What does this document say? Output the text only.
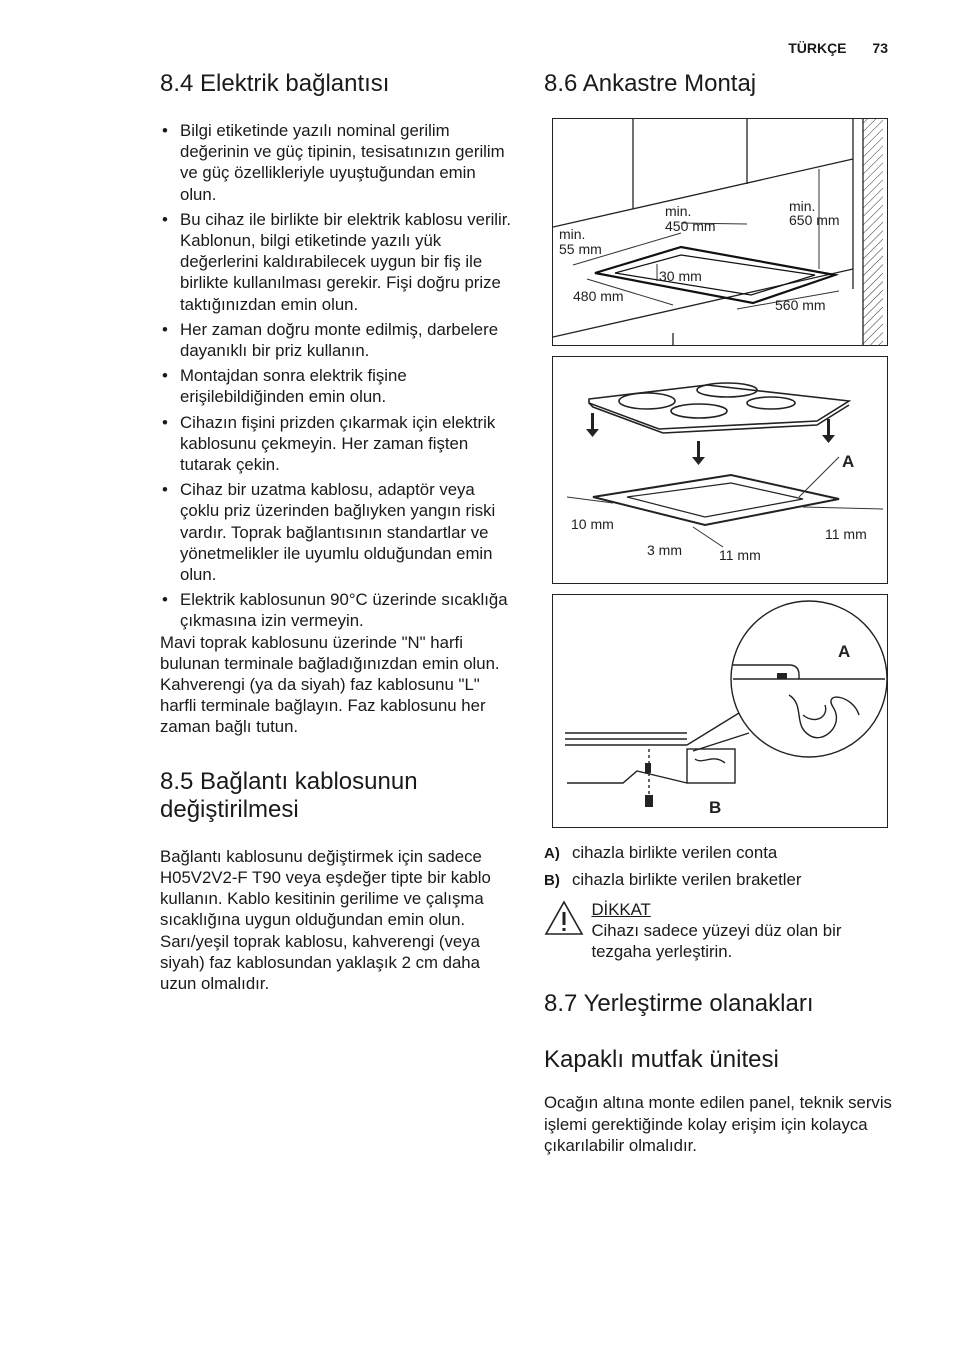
TÜRKÇE 73
8.4 Elektrik bağlantısı
• Bilgi etiketinde yazılı nominal gerilim değerinin ve güç tipinin, tesisatınızın gerilim ve güç özellikleriyle uyuştuğundan emin olun.
• Bu cihaz ile birlikte bir elektrik kablosu verilir. Kablonun, bilgi etiketinde yazılı yük değerlerini kaldırabilecek uygun bir fiş ile birlikte kullanılması gerekir. Fişi doğru prize taktığınızdan emin olun.
• Her zaman doğru monte edilmiş, darbelere dayanıklı bir priz kullanın.
• Montajdan sonra elektrik fişine erişilebildiğinden emin olun.
• Cihazın fişini prizden çıkarmak için elektrik kablosunu çekmeyin. Her zaman fişten tutarak çekin.
• Cihaz bir uzatma kablosu, adaptör veya çoklu priz üzerinden bağlıyken yangın riski vardır. Toprak bağlantısının standartlar ve yönetmelikler ile uyumlu olduğundan emin olun.
• Elektrik kablosunun 90°C üzerinde sıcaklığa çıkmasına izin vermeyin.

Mavi toprak kablosunu üzerinde "N" harfi bulunan terminale bağladığınızdan emin olun. Kahverengi (ya da siyah) faz kablosunu "L" harfli terminale bağlayın. Faz kablosunu her zaman bağlı tutun.

8.5 Bağlantı kablosunun değiştirilmesi

Bağlantı kablosunu değiştirmek için sadece H05V2V2-F T90 veya eşdeğer tipte bir kablo kullanın. Kablo kesitinin gerilime ve çalışma sıcaklığına uygun olduğundan emin olun. Sarı/yeşil toprak kablosu, kahverengi (veya siyah) faz kablosundan yaklaşık 2 cm daha uzun olmalıdır.

8.6 Ankastre Montaj
min.
450 mm
min.
650 mm
min.
55 mm
30 mm
480 mm
560 mm
A
10 mm
3 mm	11 mm
11 mm
A
B
A) cihazla birlikte verilen conta
B) cihazla birlikte verilen braketler
DİKKAT

Cihazı sadece yüzeyi düz olan bir tezgaha yerleştirin.

8.7 Yerleştirme olanakları
Kapaklı mutfak ünitesi

Ocağın altına monte edilen panel, teknik servis işlemi gerektiğinde kolay erişim için kolayca çıkarılabilir olmalıdır.
